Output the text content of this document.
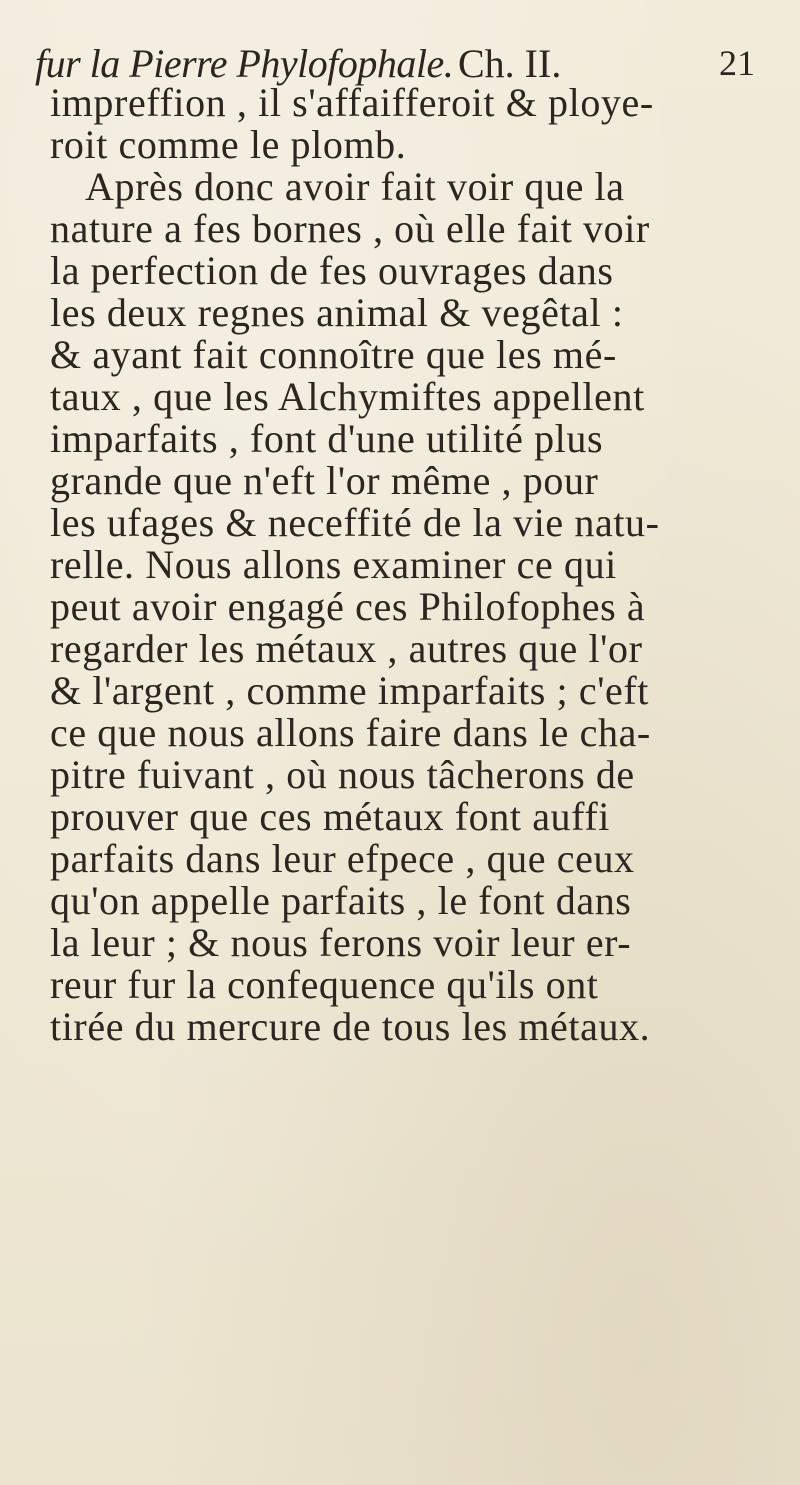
fur la Pierre Phylofophale. Ch. II.	21
impreffion , il s'affaifferoit & ploye-
roit comme le plomb.
Après donc avoir fait voir que la
nature a fes bornes , où elle fait voir
la perfection de fes ouvrages dans
les deux regnes animal & vegêtal :
& ayant fait connoître que les mé-
taux , que les Alchymiftes appellent
imparfaits , font d'une utilité plus
grande que n'eft l'or même , pour
les ufages & neceffité de la vie natu-
relle. Nous allons examiner ce qui
peut avoir engagé ces Philofophes à
regarder les métaux , autres que l'or
& l'argent , comme imparfaits ; c'eft
ce que nous allons faire dans le cha-
pitre fuivant , où nous tâcherons de
prouver que ces métaux font auffi
parfaits dans leur efpece , que ceux
qu'on appelle parfaits , le font dans
la leur ; & nous ferons voir leur er-
reur fur la confequence qu'ils ont
tirée du mercure de tous les métaux.
